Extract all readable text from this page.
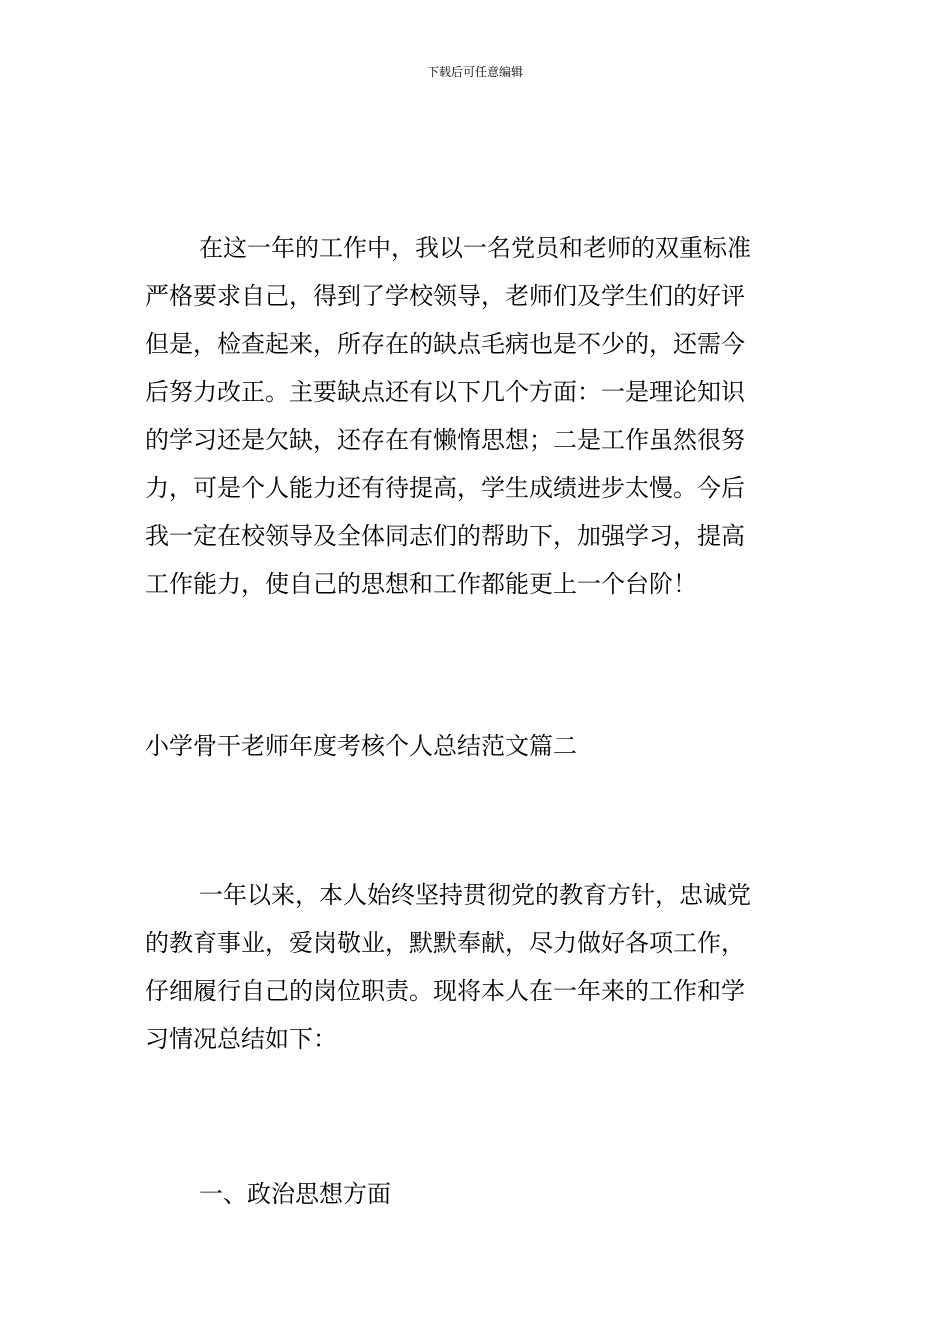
下载后可任意编辑
在这一年的工作中，我以一名党员和老师的双重标准
严格要求自己，得到了学校领导，老师们及学生们的好评
但是，检查起来，所存在的缺点毛病也是不少的，还需今
后努力改正。主要缺点还有以下几个方面：一是理论知识
的学习还是欠缺，还存在有懒惰思想；二是工作虽然很努
力，可是个人能力还有待提高，学生成绩进步太慢。今后
我一定在校领导及全体同志们的帮助下，加强学习，提高
工作能力，使自己的思想和工作都能更上一个台阶！
小学骨干老师年度考核个人总结范文篇二
一年以来，本人始终坚持贯彻党的教育方针，忠诚党
的教育事业，爱岗敬业，默默奉献，尽力做好各项工作，
仔细履行自己的岗位职责。现将本人在一年来的工作和学
习情况总结如下：
一、政治思想方面
